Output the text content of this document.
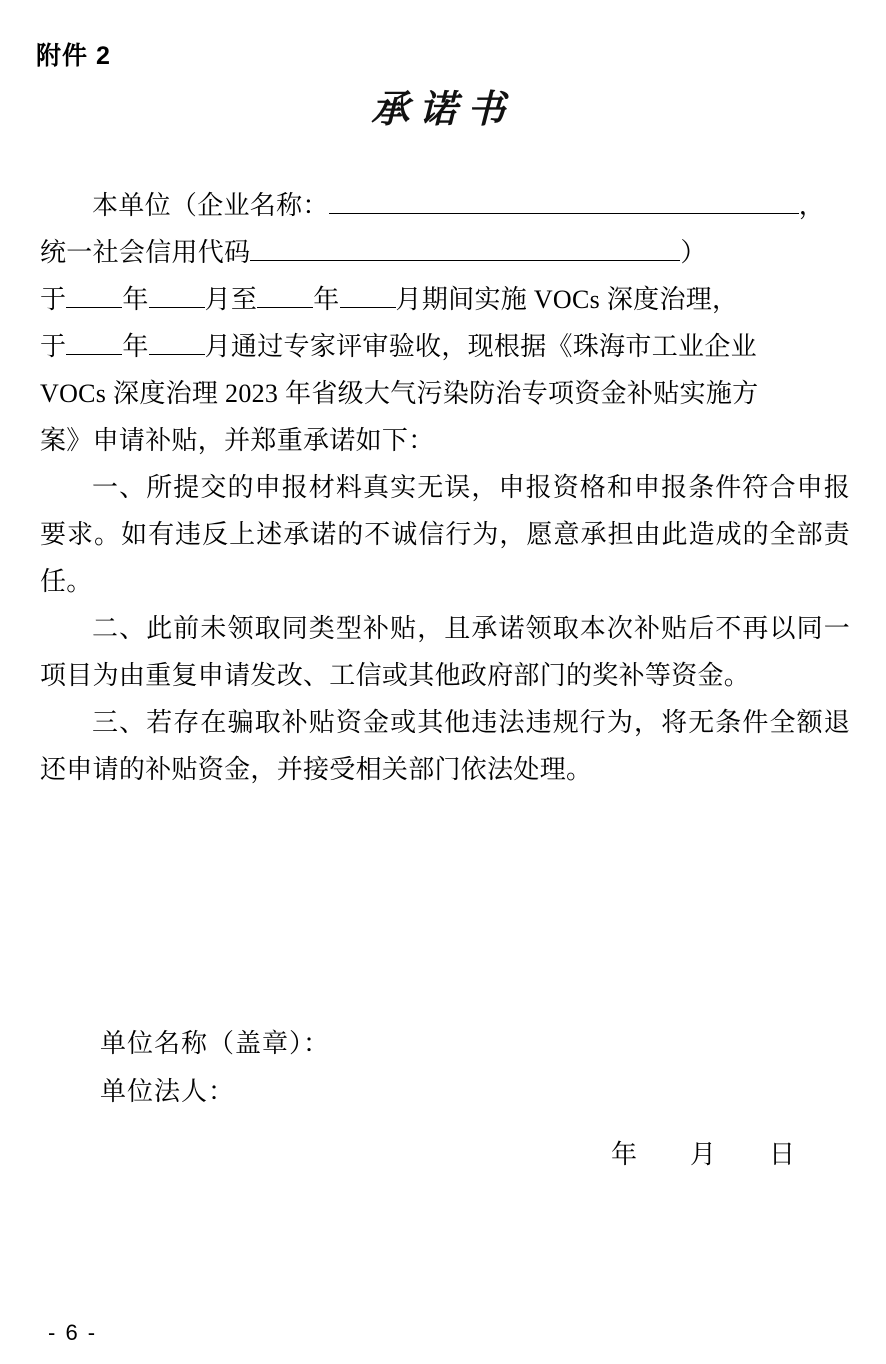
附件 2
承诺书

本单位（企业名称：	，

统一社会信用代码	）

于 年 月至 年 月期间实施 VOCs 深度治理，

于 年 月通过专家评审验收，现根据《珠海市工业企业

VOCs 深度治理 2023 年省级大气污染防治专项资金补贴实施方

案》申请补贴，并郑重承诺如下：

一、所提交的申报材料真实无误，申报资格和申报条件符合申报要求。如有违反上述承诺的不诚信行为，愿意承担由此造成的全部责任。

二、此前未领取同类型补贴，且承诺领取本次补贴后不再以同一项目为由重复申请发改、工信或其他政府部门的奖补等资金。

三、若存在骗取补贴资金或其他违法违规行为，将无条件全额退还申请的补贴资金，并接受相关部门依法处理。

单位名称（盖章）：
单位法人：
年 月 日
- 6 -
